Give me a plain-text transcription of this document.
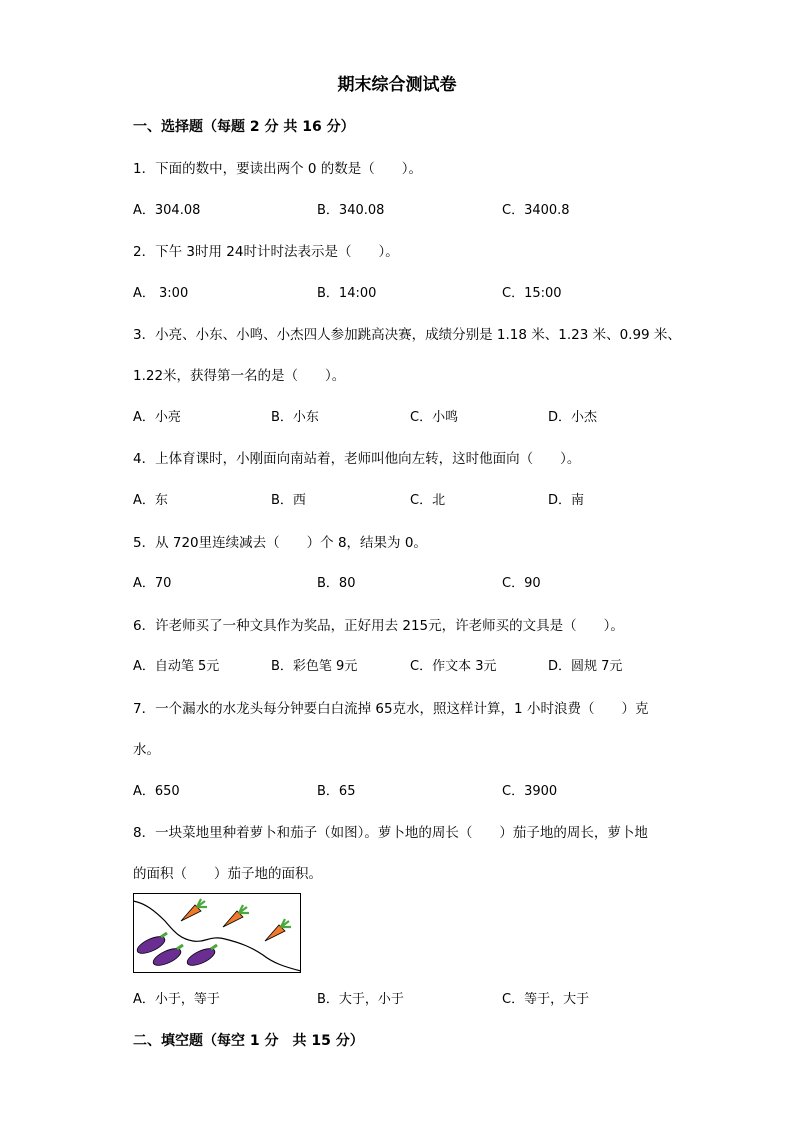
期末综合测试卷
一、选择题（每题 2 分 共 16 分）
1．下面的数中，要读出两个 0 的数是（　　）。
A．304.08	B．340.08	C．3400.8
2．下午 3时用 24时计时法表示是（　　）。
A． 3:00	B．14:00	C．15:00
3．小亮、小东、小鸣、小杰四人参加跳高决赛，成绩分别是 1.18 米、1.23 米、0.99 米、
1.22米，获得第一名的是（　　）。
A．小亮	B．小东	C．小鸣	D．小杰
4．上体育课时，小刚面向南站着，老师叫他向左转，这时他面向（　　）。
A．东	B．西	C．北	D．南
5．从 720里连续减去（　　）个 8，结果为 0。
A．70	B．80	C．90
6．许老师买了一种文具作为奖品，正好用去 215元，许老师买的文具是（　　）。
A．自动笔 5元	B．彩色笔 9元	C．作文本 3元	D．圆规 7元
7．一个漏水的水龙头每分钟要白白流掉 65克水，照这样计算，1 小时浪费（　　）克
水。
A．650	B．65	C．3900
8．一块菜地里种着萝卜和茄子（如图）。萝卜地的周长（　　）茄子地的周长，萝卜地
的面积（　　）茄子地的面积。
A．小于，等于	B．大于，小于	C．等于，大于
二、填空题（每空 1 分　共 15 分）
